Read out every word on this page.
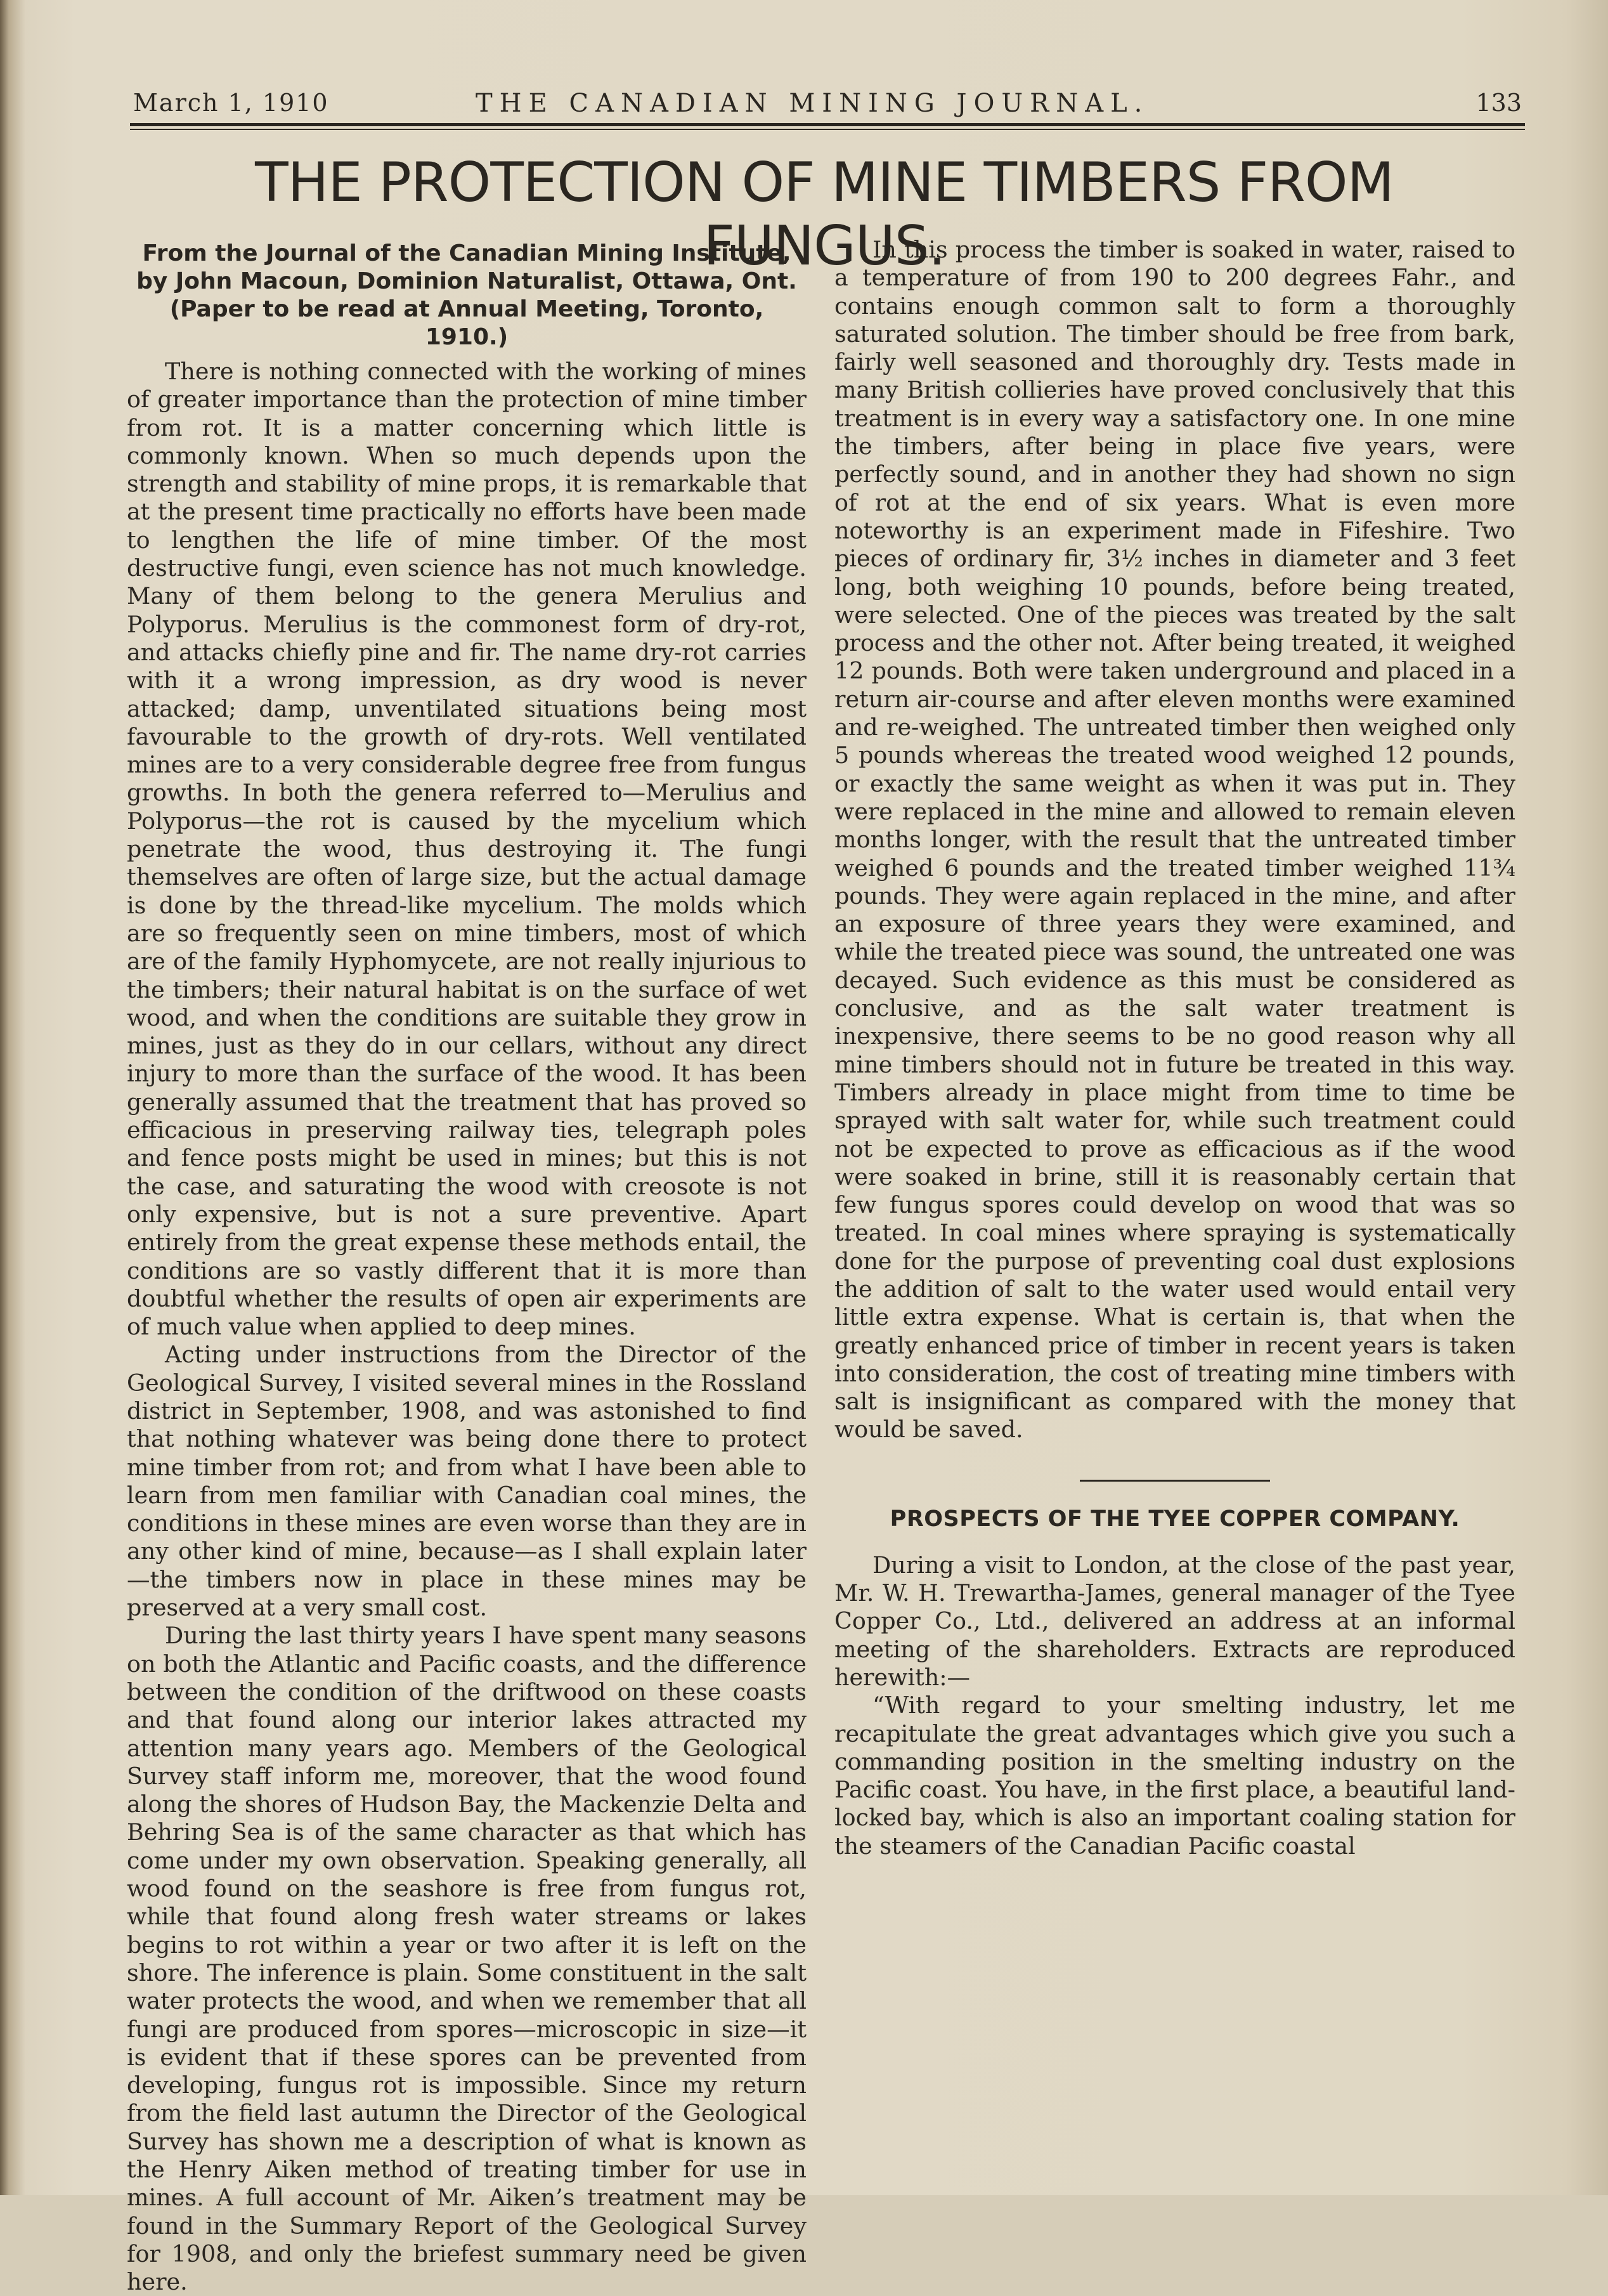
March 1, 1910	THE CANADIAN MINING JOURNAL.	133
THE PROTECTION OF MINE TIMBERS FROM FUNGUS.
From the Journal of the Canadian Mining Institute, by John Macoun, Dominion Naturalist, Ottawa, Ont. (Paper to be read at Annual Meeting, Toronto, 1910.)

There is nothing connected with the working of mines of greater importance than the protection of mine timber from rot. It is a matter concerning which little is commonly known. When so much depends upon the strength and stability of mine props, it is remarkable that at the present time practically no efforts have been made to lengthen the life of mine timber. Of the most destructive fungi, even science has not much knowledge. Many of them belong to the genera Merulius and Polyporus. Merulius is the commonest form of dry-rot, and attacks chiefly pine and fir. The name dry-rot carries with it a wrong impression, as dry wood is never attacked; damp, unventilated situations being most favourable to the growth of dry-rots. Well ventilated mines are to a very considerable degree free from fungus growths. In both the genera referred to—Merulius and Polyporus—the rot is caused by the mycelium which penetrate the wood, thus destroying it. The fungi themselves are often of large size, but the actual damage is done by the thread-like mycelium. The molds which are so frequently seen on mine timbers, most of which are of the family Hyphomycete, are not really injurious to the timbers; their natural habitat is on the surface of wet wood, and when the conditions are suitable they grow in mines, just as they do in our cellars, without any direct injury to more than the surface of the wood. It has been generally assumed that the treatment that has proved so efficacious in preserving railway ties, telegraph poles and fence posts might be used in mines; but this is not the case, and saturating the wood with creosote is not only expensive, but is not a sure preventive. Apart entirely from the great expense these methods entail, the conditions are so vastly different that it is more than doubtful whether the results of open air experiments are of much value when applied to deep mines.

Acting under instructions from the Director of the Geological Survey, I visited several mines in the Rossland district in September, 1908, and was astonished to find that nothing whatever was being done there to protect mine timber from rot; and from what I have been able to learn from men familiar with Canadian coal mines, the conditions in these mines are even worse than they are in any other kind of mine, because—as I shall explain later—the timbers now in place in these mines may be preserved at a very small cost.

During the last thirty years I have spent many seasons on both the Atlantic and Pacific coasts, and the difference between the condition of the driftwood on these coasts and that found along our interior lakes attracted my attention many years ago. Members of the Geological Survey staff inform me, moreover, that the wood found along the shores of Hudson Bay, the Mackenzie Delta and Behring Sea is of the same character as that which has come under my own observation. Speaking generally, all wood found on the seashore is free from fungus rot, while that found along fresh water streams or lakes begins to rot within a year or two after it is left on the shore. The inference is plain. Some constituent in the salt water protects the wood, and when we remember that all fungi are produced from spores—microscopic in size—it is evident that if these spores can be prevented from developing, fungus rot is impossible. Since my return from the field last autumn the Director of the Geological Survey has shown me a description of what is known as the Henry Aiken method of treating timber for use in mines. A full account of Mr. Aiken’s treatment may be found in the Summary Report of the Geological Survey for 1908, and only the briefest summary need be given here.

In this process the timber is soaked in water, raised to a temperature of from 190 to 200 degrees Fahr., and contains enough common salt to form a thoroughly saturated solution. The timber should be free from bark, fairly well seasoned and thoroughly dry. Tests made in many British collieries have proved conclusively that this treatment is in every way a satisfactory one. In one mine the timbers, after being in place five years, were perfectly sound, and in another they had shown no sign of rot at the end of six years. What is even more noteworthy is an experiment made in Fifeshire. Two pieces of ordinary fir, 3½ inches in diameter and 3 feet long, both weighing 10 pounds, before being treated, were selected. One of the pieces was treated by the salt process and the other not. After being treated, it weighed 12 pounds. Both were taken underground and placed in a return air-course and after eleven months were examined and re-weighed. The untreated timber then weighed only 5 pounds whereas the treated wood weighed 12 pounds, or exactly the same weight as when it was put in. They were replaced in the mine and allowed to remain eleven months longer, with the result that the untreated timber weighed 6 pounds and the treated timber weighed 11¾ pounds. They were again replaced in the mine, and after an exposure of three years they were examined, and while the treated piece was sound, the untreated one was decayed. Such evidence as this must be considered as conclusive, and as the salt water treatment is inexpensive, there seems to be no good reason why all mine timbers should not in future be treated in this way. Timbers already in place might from time to time be sprayed with salt water for, while such treatment could not be expected to prove as efficacious as if the wood were soaked in brine, still it is reasonably certain that few fungus spores could develop on wood that was so treated. In coal mines where spraying is systematically done for the purpose of preventing coal dust explosions the addition of salt to the water used would entail very little extra expense. What is certain is, that when the greatly enhanced price of timber in recent years is taken into consideration, the cost of treating mine timbers with salt is insignificant as compared with the money that would be saved.

PROSPECTS OF THE TYEE COPPER COMPANY.

During a visit to London, at the close of the past year, Mr. W. H. Trewartha-James, general manager of the Tyee Copper Co., Ltd., delivered an address at an informal meeting of the shareholders. Extracts are reproduced herewith:—

“With regard to your smelting industry, let me recapitulate the great advantages which give you such a commanding position in the smelting industry on the Pacific coast. You have, in the first place, a beautiful land-locked bay, which is also an important coaling station for the steamers of the Canadian Pacific coastal
